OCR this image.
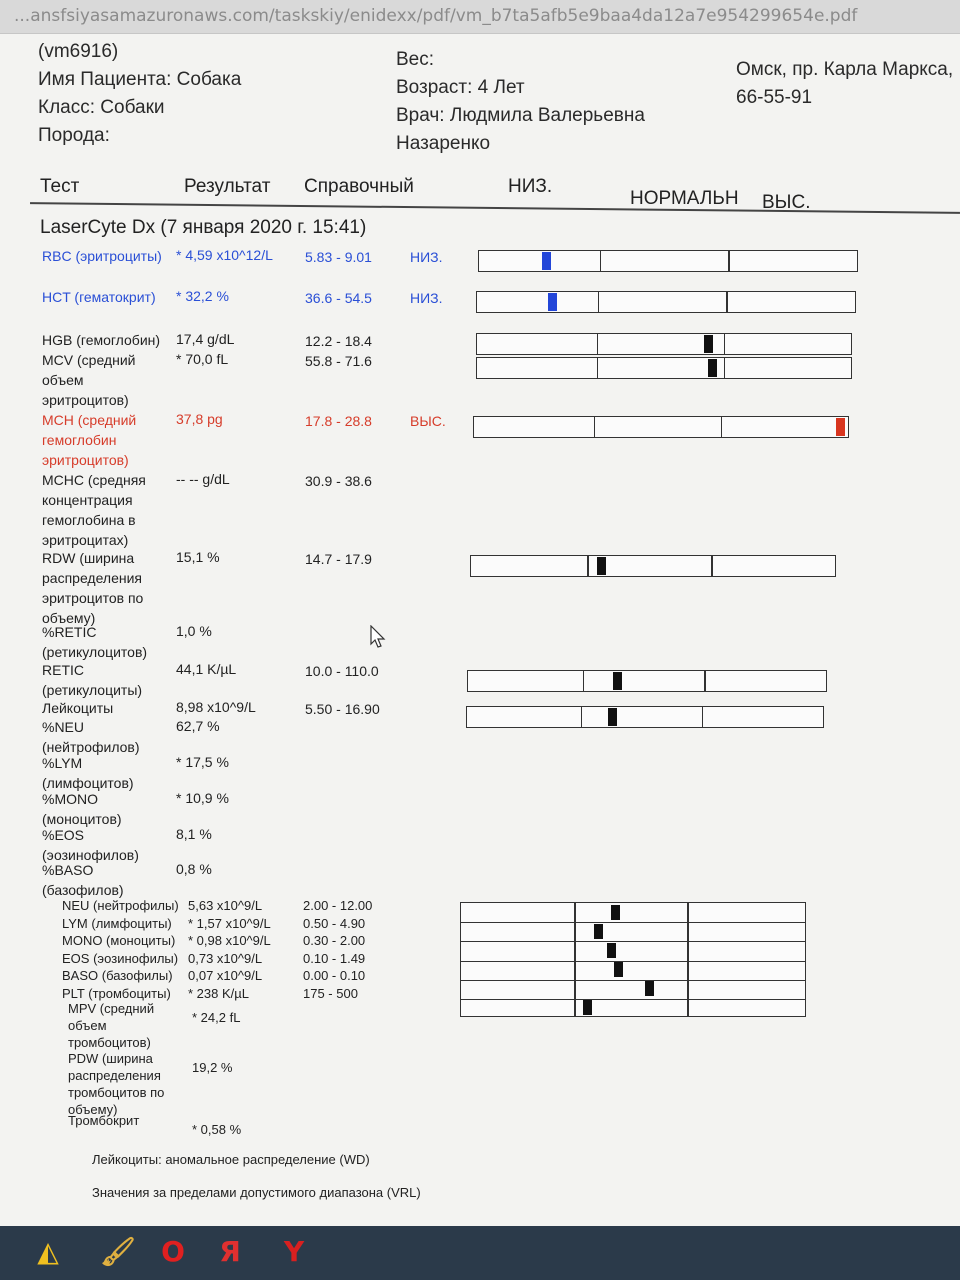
...ansfsiyasamazuronaws.com/taskskiy/enidexx/pdf/vm_b7ta5afb5e9baa4da12a7e954299654e.pdf
(vm6916)
Имя Пациента: Собака
Класс: Собаки
Порода:
Вес:
Возраст: 4 Лет
Врач: Людмила Валерьевна
Назаренко
Омск, пр. Карла Маркса,
66-55-91
Тест	Результат Справочный	НИЗ.
НОРМАЛЬН ВЫС.
LaserCyte Dx (7 января 2020 г. 15:41)
RBC (эритроциты)	* 4,59 x10^12/L 5.83 - 9.01	НИЗ.
HCT (гематокрит)	* 32,2 %	36.6 - 54.5	НИЗ.
HGB (гемоглобин)	17,4 g/dL	12.2 - 18.4
MCV (средний объем эритроцитов)
* 70,0 fL	55.8 - 71.6
MCH (средний гемоглобин эритроцитов)
37,8 pg	17.8 - 28.8	ВЫС.
MCHC (средняя концентрация гемоглобина в эритроцитах)
-- -- g/dL	30.9 - 38.6
RDW (ширина распределения эритроцитов по объему)
15,1 %	14.7 - 17.9
%RETIC (ретикулоцитов)
1,0 %
RETIC (ретикулоциты)
44,1 K/µL	10.0 - 110.0
Лейкоциты	8,98 x10^9/L	5.50 - 16.90
%NEU (нейтрофилов)
62,7 %
%LYM (лимфоцитов)
* 17,5 %
%MONO (моноцитов)
* 10,9 %
%EOS (эозинофилов)
8,1 %
%BASO (базофилов)
0,8 %
NEU (нейтрофилы) 5,63 x10^9/L	2.00 - 12.00
LYM (лимфоциты) * 1,57 x10^9/L 0.50 - 4.90
MONO (моноциты) * 0,98 x10^9/L 0.30 - 2.00
EOS (эозинофилы) 0,73 x10^9/L	0.10 - 1.49
BASO (базофилы) 0,07 x10^9/L	0.00 - 0.10
PLT (тромбоциты) * 238 K/µL	175 - 500
MPV (средний объем тромбоцитов)
* 24,2 fL
PDW (ширина распределения тромбоцитов по объему)
19,2 %
Тромбокрит
* 0,58 %
Лейкоциты: аномальное распределение (WD)
Значения за пределами допустимого диапазона (VRL)
◭ 🖌 O Я Y
